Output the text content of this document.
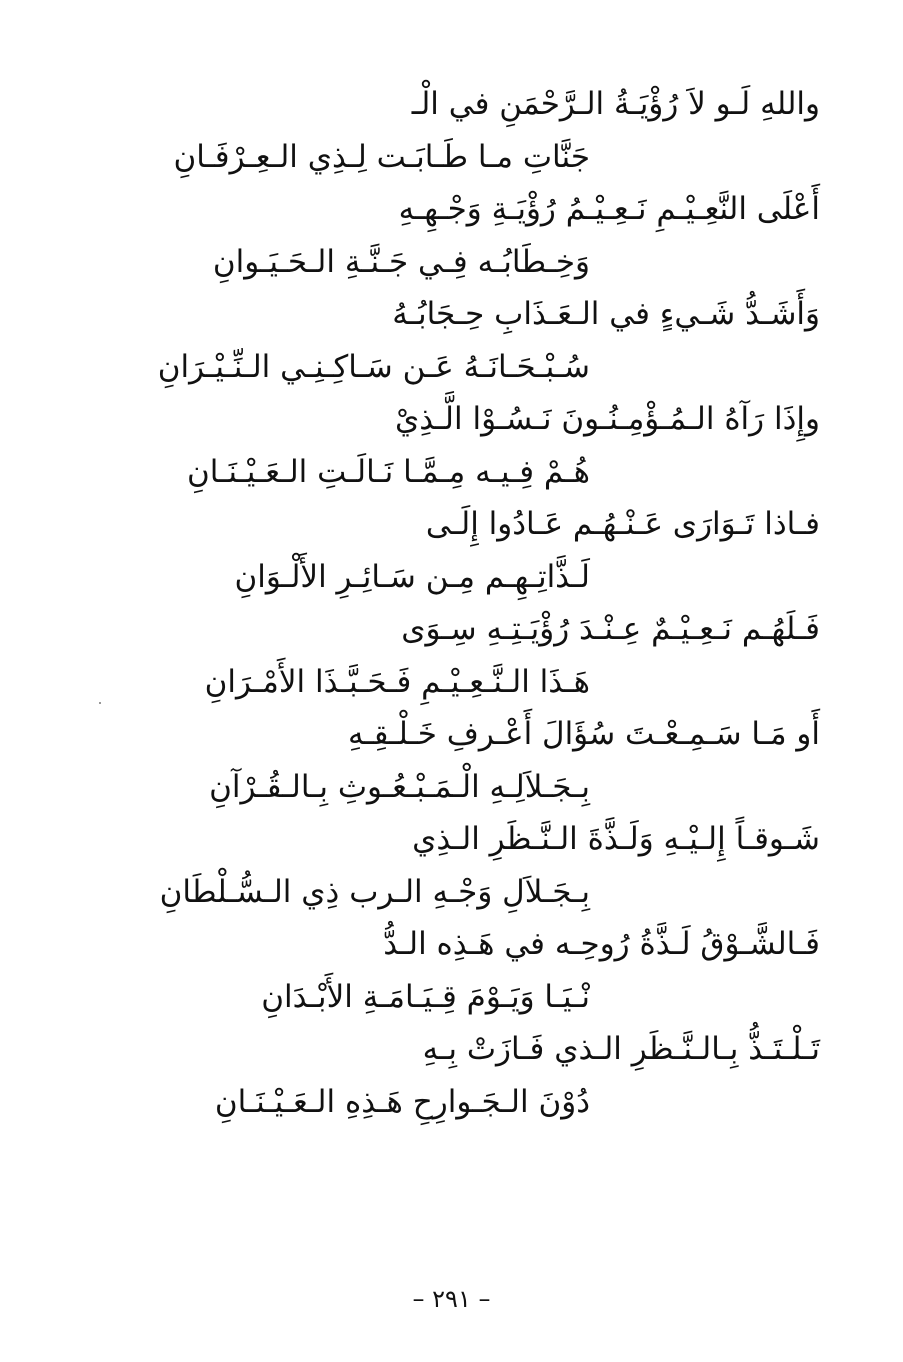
واللهِ لَـو لاَ رُؤْيَـةُ الـرَّحْمَنِ في الْـ
جَنَّاتِ مـا طَـابَـت لِـذِي الـعِـرْفَـانِ
أَعْلَى النَّعِـيْـمِ نَـعِـيْـمُ رُؤْيَـةِ وَجْـهِـهِ
وَخِـطَابُـه فِـي جَـنَّـةِ الـحَـيَـوانِ
وَأَشَـدُّ شَـيءٍ في الـعَـذَابِ حِـجَابُـهُ
سُـبْـحَـانَـهُ عَـن سَـاكِـنِـي الـنِّـيْـرَانِ
وإِذَا رَآهُ الـمُـؤْمِـنُـونَ نَـسُـوْا الَّـذِيْ
هُـمْ فِـيـه مِـمَّـا نَـالَـتِ الـعَـيْـنَـانِ
فـاذا تَـوَارَى عَـنْـهُـم عَـادُوا إِلَـى
لَـذَّاتِـهِـم مِـن سَـائِـرِ الأَلْـوَانِ
فَـلَهُـم نَـعِـيْـمٌ عِـنْـدَ رُؤْيَـتِـهِ سِـوَى
هَـذَا الـنَّـعِـيْـمِ فَـحَـبَّـذَا الأَمْـرَانِ
أَو مَـا سَـمِـعْـتَ سُؤَالَ أَعْـرفِ خَـلْـقِـهِ
بِـجَـلاَلِـهِ الْـمَـبْـعُـوثِ بِـالـقُـرْآنِ
شَـوقـاً إِلـيْـهِ وَلَـذَّةَ الـنَّـظَرِ الـذِي
بِـجَـلاَلِ وَجْـهِ الـرب ذِي الـسُّـلْطَانِ
فَـالشَّـوْقُ لَـذَّةُ رُوحِـه في هَـذِه الـدُّ
نْـيَـا وَيَـوْمَ قِـيَـامَـةِ الأَبْـدَانِ
تَـلْـتَـذُّ بِـالـنَّـظَرِ الـذي فَـازَتْ بِـهِ
دُوْنَ الـجَـوارِحِ هَـذِهِ الـعَـيْـنَـانِ
– ٢٩١ –
